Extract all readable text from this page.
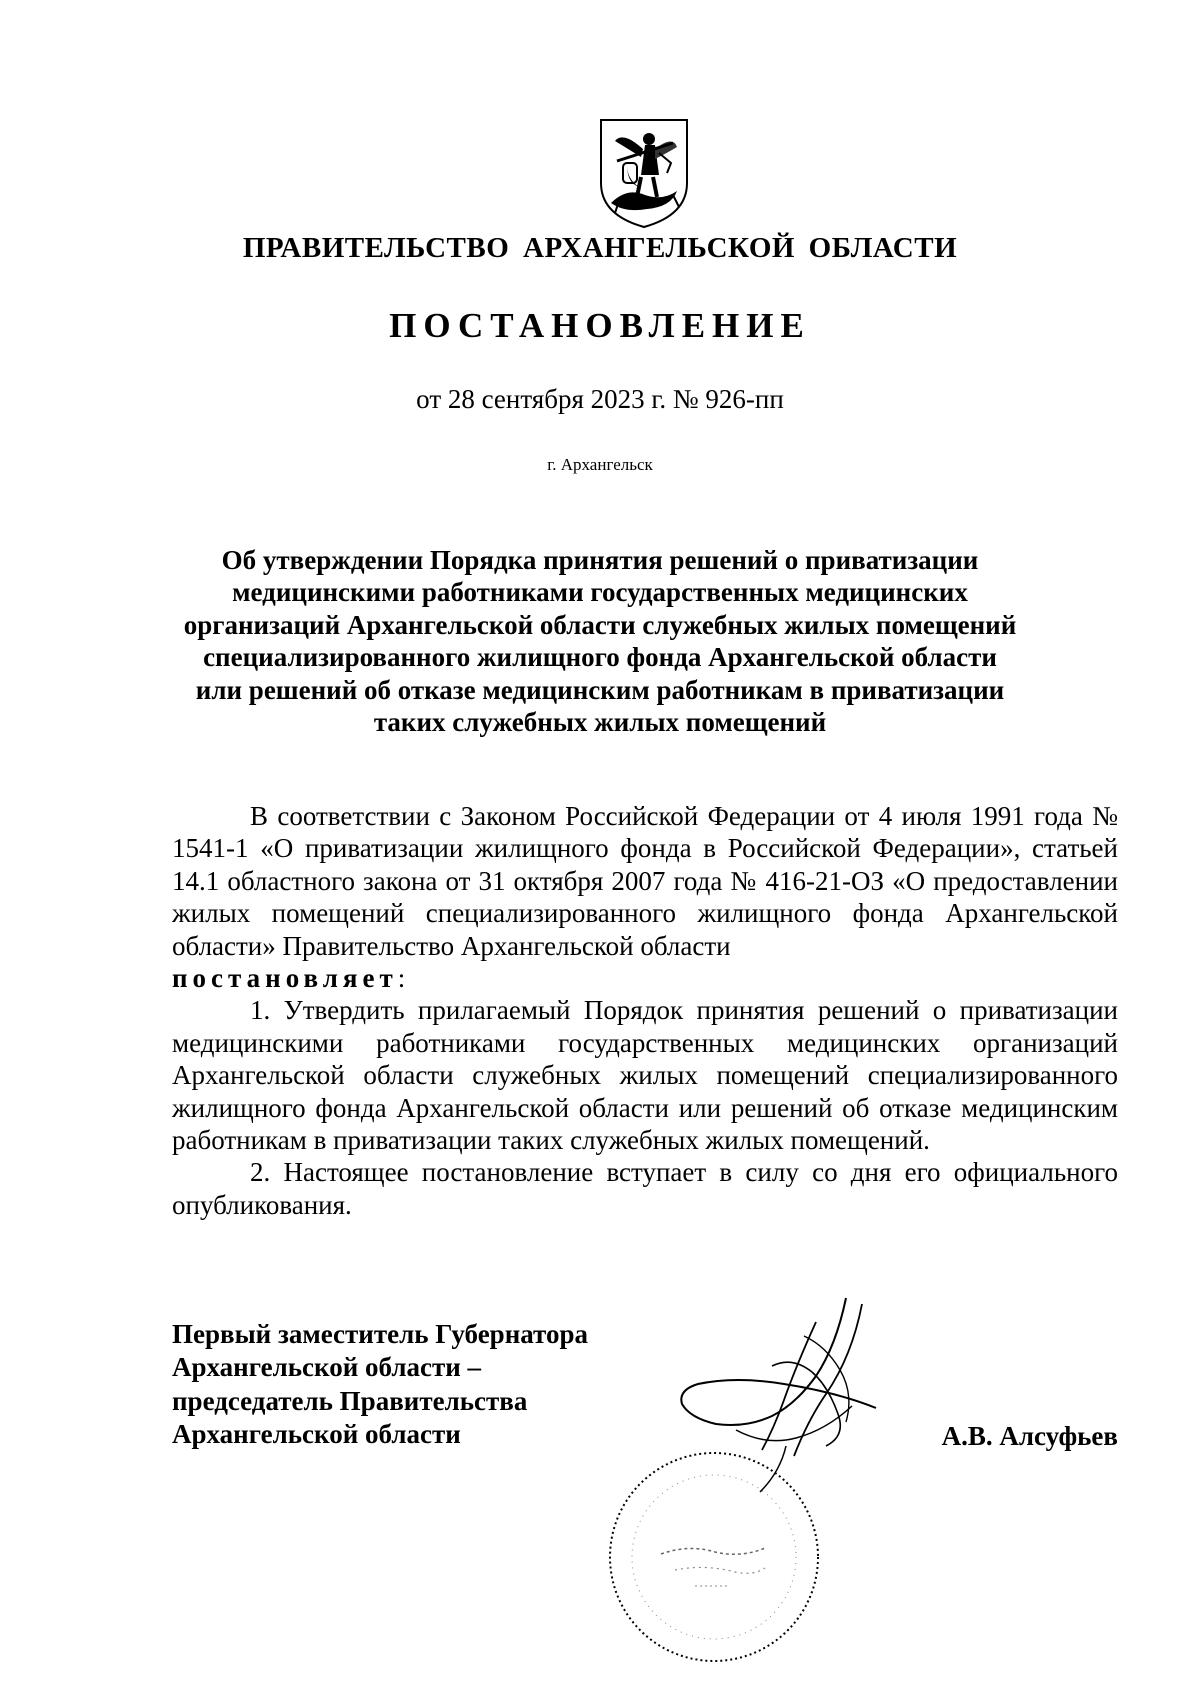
ПРАВИТЕЛЬСТВО АРХАНГЕЛЬСКОЙ ОБЛАСТИ
ПОСТАНОВЛЕНИЕ
от 28 сентября 2023 г. № 926-пп
г. Архангельск
Об утверждении Порядка принятия решений о приватизации
медицинскими работниками государственных медицинских
организаций Архангельской области служебных жилых помещений
специализированного жилищного фонда Архангельской области
или решений об отказе медицинским работникам в приватизации
таких служебных жилых помещений

В соответствии с Законом Российской Федерации от 4 июля 1991 года № 1541-1 «О приватизации жилищного фонда в Российской Федерации», статьей 14.1 областного закона от 31 октября 2007 года № 416-21-ОЗ «О предоставлении жилых помещений специализированного жилищного фонда Архангельской области» Правительство Архангельской области

постановляет:

1. Утвердить прилагаемый Порядок принятия решений о приватизации медицинскими работниками государственных медицинских организаций Архангельской области служебных жилых помещений специализированного жилищного фонда Архангельской области или решений об отказе медицинским работникам в приватизации таких служебных жилых помещений.

2. Настоящее постановление вступает в силу со дня его официального опубликования.

Первый заместитель Губернатора
Архангельской области –
председатель Правительства
Архангельской области	А.В. Алсуфьев
